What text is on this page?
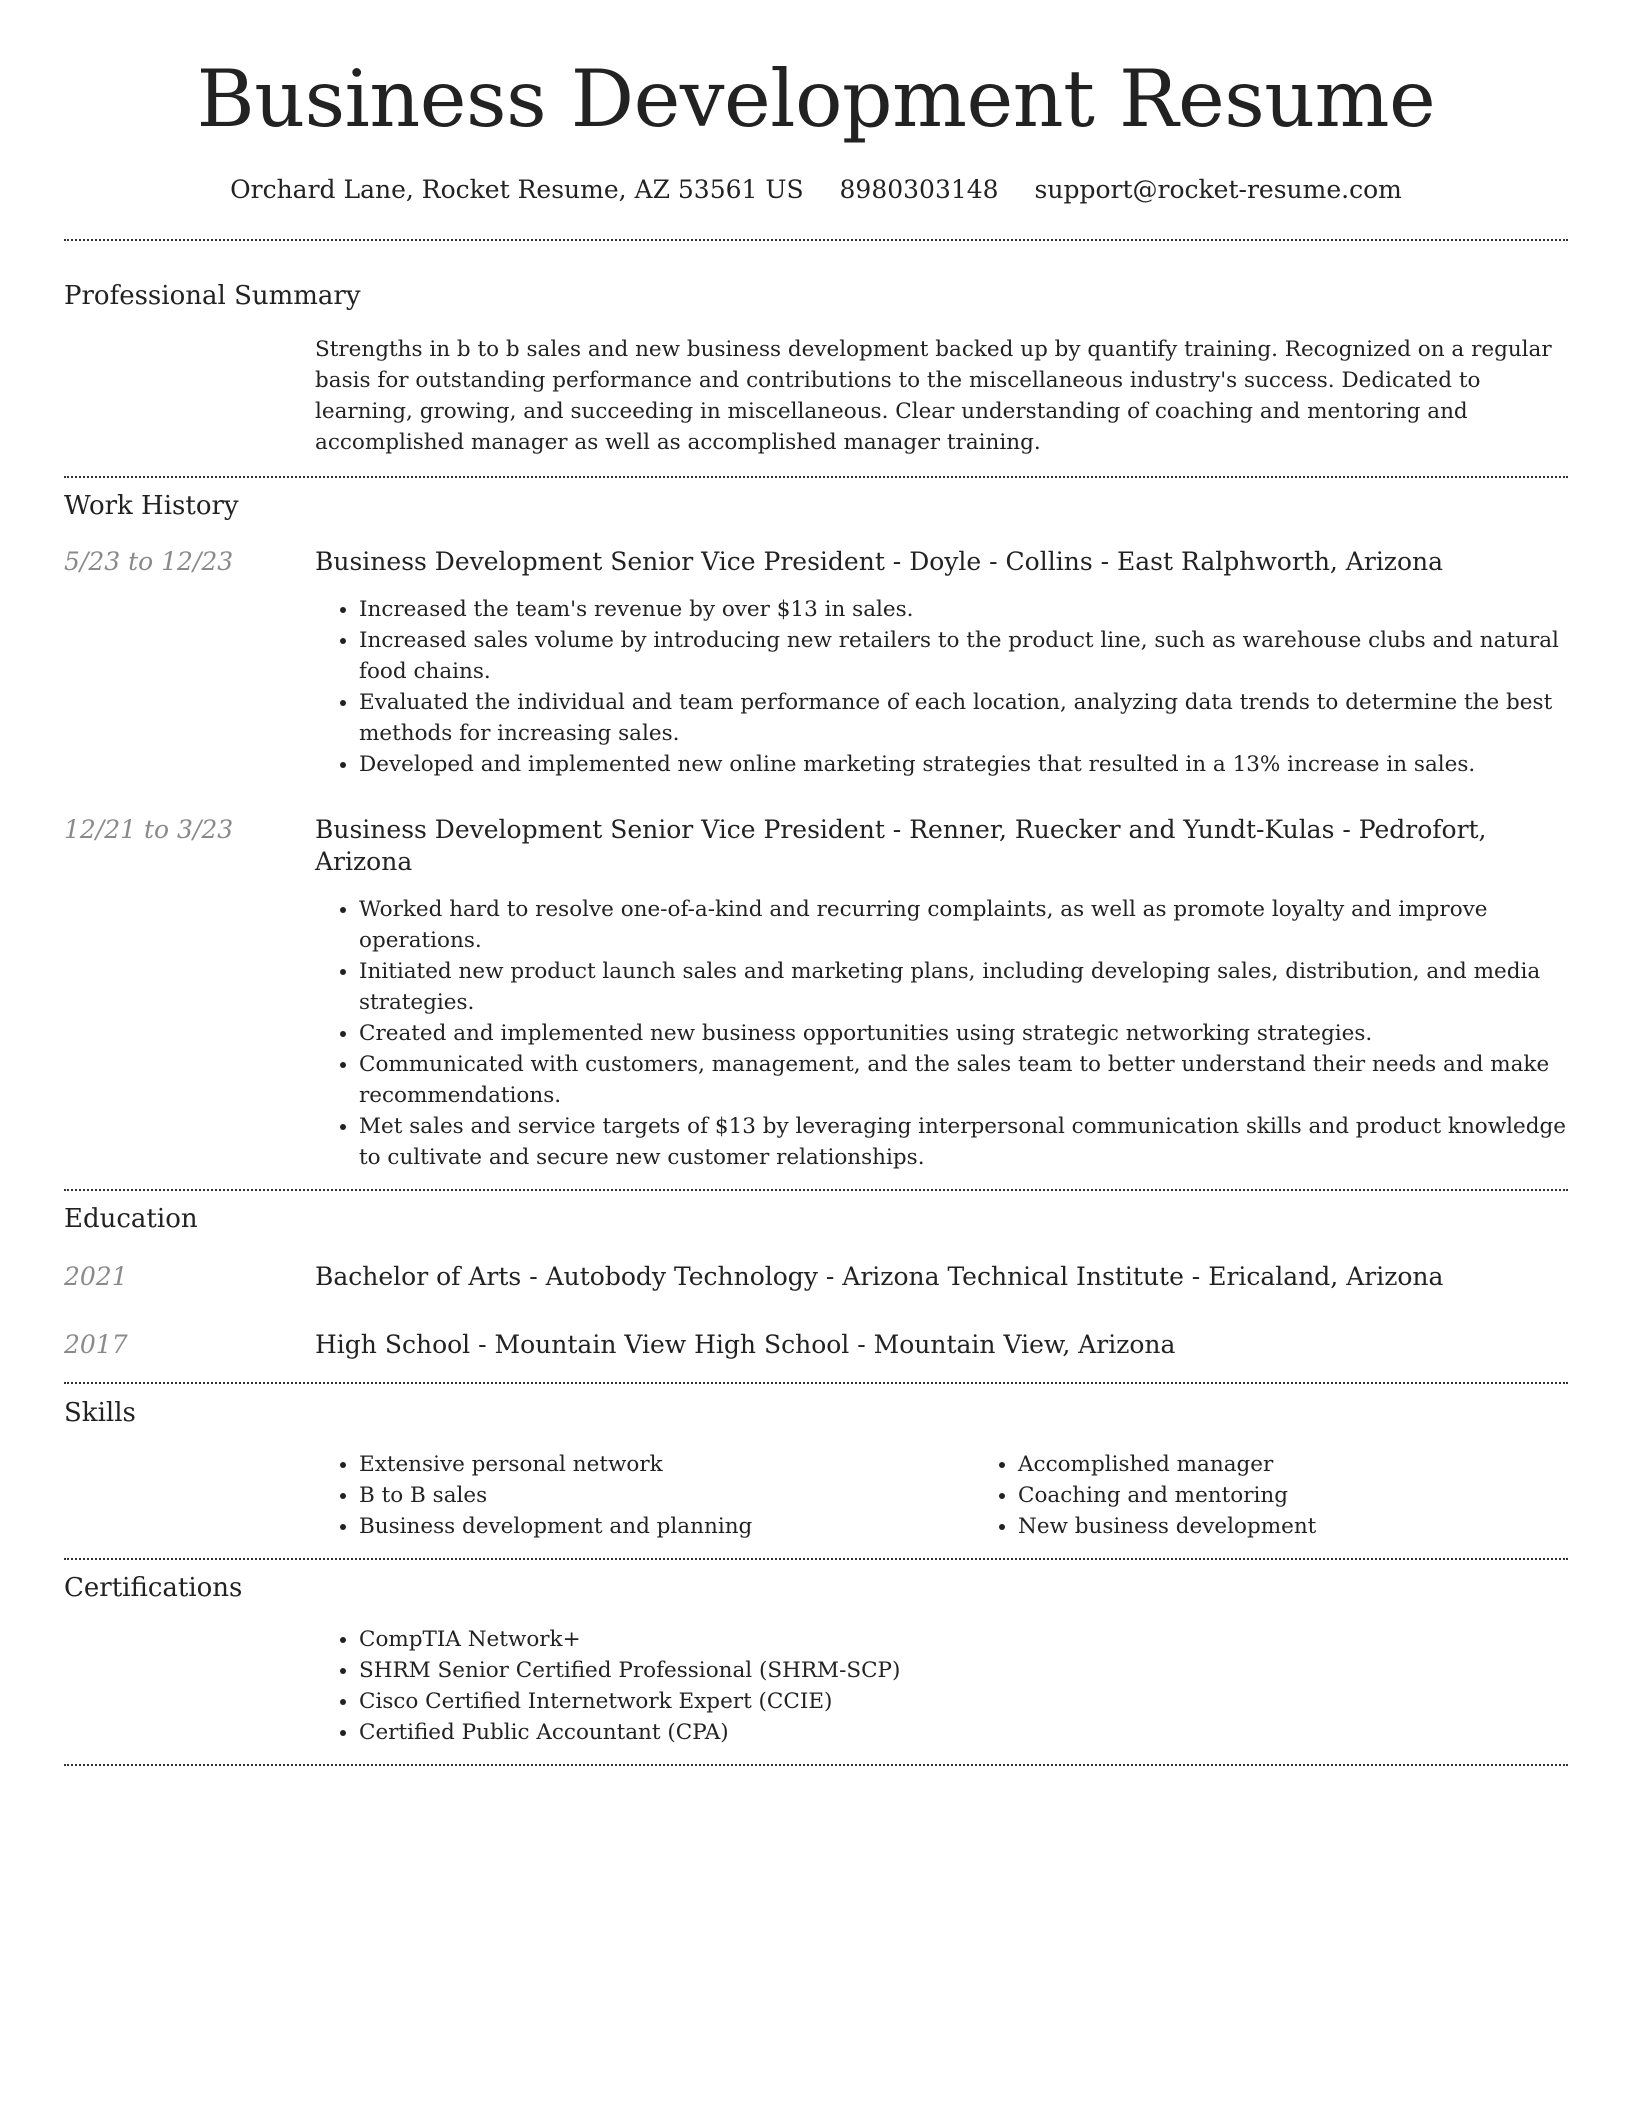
Business Development Resume
Orchard Lane, Rocket Resume, AZ 53561 US 8980303148 support@rocket-resume.com
Professional Summary

Strengths in b to b sales and new business development backed up by quantify training. Recognized on a regular basis for outstanding performance and contributions to the miscellaneous industry's success. Dedicated to learning, growing, and succeeding in miscellaneous. Clear understanding of coaching and mentoring and accomplished manager as well as accomplished manager training.

Work History
5/23 to 12/23	Business Development Senior Vice President - Doyle - Collins - East Ralphworth, Arizona
• Increased the team's revenue by over $13 in sales.
• Increased sales volume by introducing new retailers to the product line, such as warehouse clubs and natural food chains.
• Evaluated the individual and team performance of each location, analyzing data trends to determine the best methods for increasing sales.
• Developed and implemented new online marketing strategies that resulted in a 13% increase in sales.
12/21 to 3/23	Business Development Senior Vice President - Renner, Ruecker and Yundt-Kulas - Pedrofort, Arizona
• Worked hard to resolve one-of-a-kind and recurring complaints, as well as promote loyalty and improve operations.
• Initiated new product launch sales and marketing plans, including developing sales, distribution, and media strategies.
• Created and implemented new business opportunities using strategic networking strategies.
• Communicated with customers, management, and the sales team to better understand their needs and make recommendations.
• Met sales and service targets of $13 by leveraging interpersonal communication skills and product knowledge to cultivate and secure new customer relationships.
Education
2021	Bachelor of Arts - Autobody Technology - Arizona Technical Institute - Ericaland, Arizona
2017	High School - Mountain View High School - Mountain View, Arizona
Skills
• Extensive personal network
• B to B sales
• Business development and planning
• Accomplished manager
• Coaching and mentoring
• New business development
Certifications
• CompTIA Network+
• SHRM Senior Certified Professional (SHRM-SCP)
• Cisco Certified Internetwork Expert (CCIE)
• Certified Public Accountant (CPA)
